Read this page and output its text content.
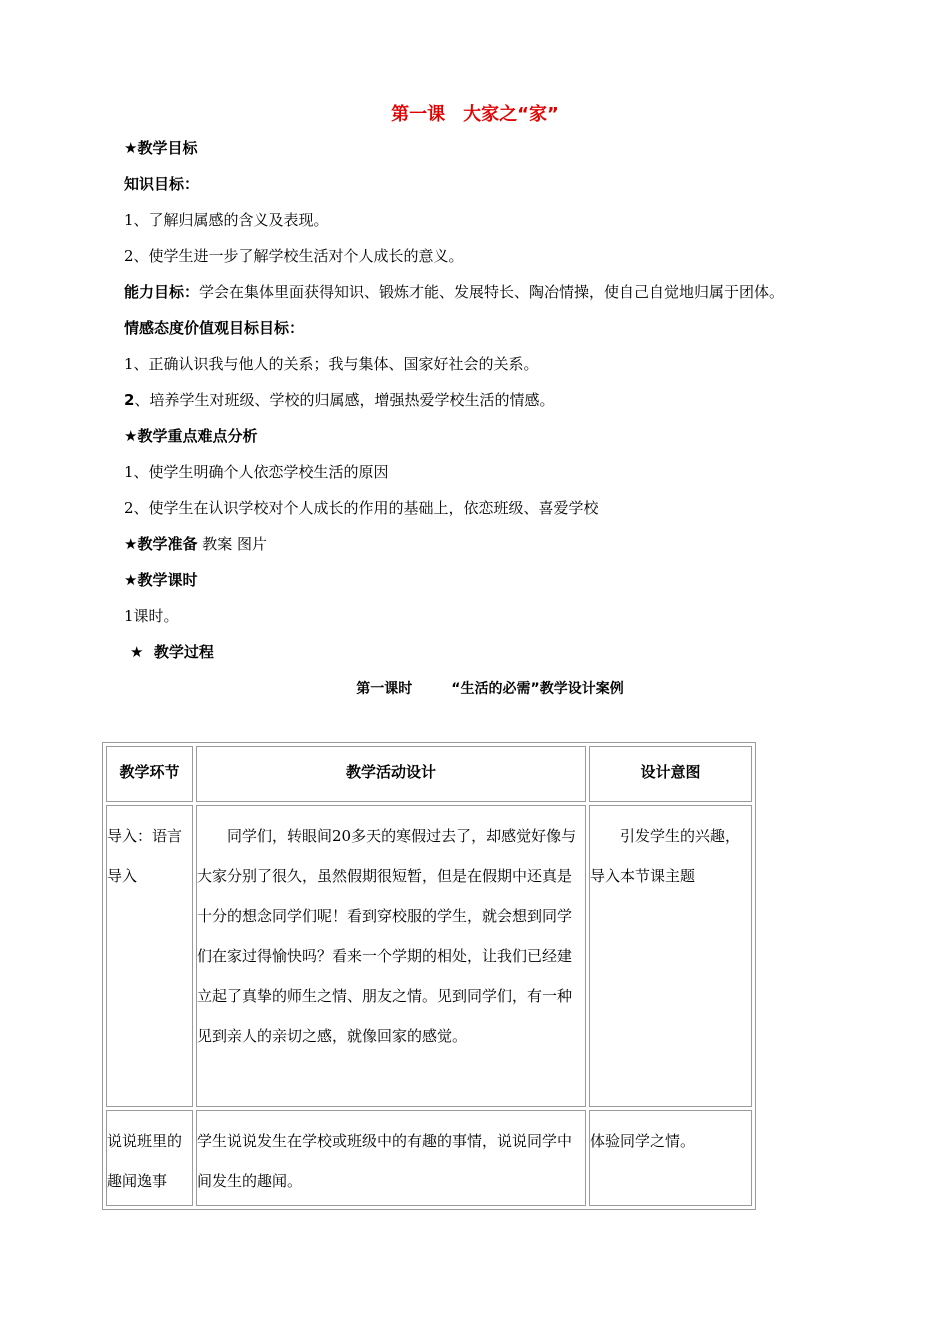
第一课　大家之“家”
★教学目标
知识目标：
1、了解归属感的含义及表现。
2、使学生进一步了解学校生活对个人成长的意义。
能力目标：学会在集体里面获得知识、锻炼才能、发展特长、陶冶情操，使自己自觉地归属于团体。
情感态度价值观目标目标：
1、正确认识我与他人的关系；我与集体、国家好社会的关系。
2、培养学生对班级、学校的归属感，增强热爱学校生活的情感。
★教学重点难点分析
1、使学生明确个人依恋学校生活的原因
2、使学生在认识学校对个人成长的作用的基础上，依恋班级、喜爱学校
★教学准备 教案 图片
★教学课时
1课时。
★  教学过程
第一课时        “生活的必需”教学设计案例
教学环节	教学活动设计	设计意图
导入：语言导入
同学们，转眼间20多天的寒假过去了，却感觉好像与大家分别了很久，虽然假期很短暂，但是在假期中还真是十分的想念同学们呢！看到穿校服的学生，就会想到同学们在家过得愉快吗？看来一个学期的相处，让我们已经建立起了真挚的师生之情、朋友之情。见到同学们，有一种见到亲人的亲切之感，就像回家的感觉。
引发学生的兴趣，导入本节课主题
说说班里的趣闻逸事
学生说说发生在学校或班级中的有趣的事情，说说同学中间发生的趣闻。
体验同学之情。
